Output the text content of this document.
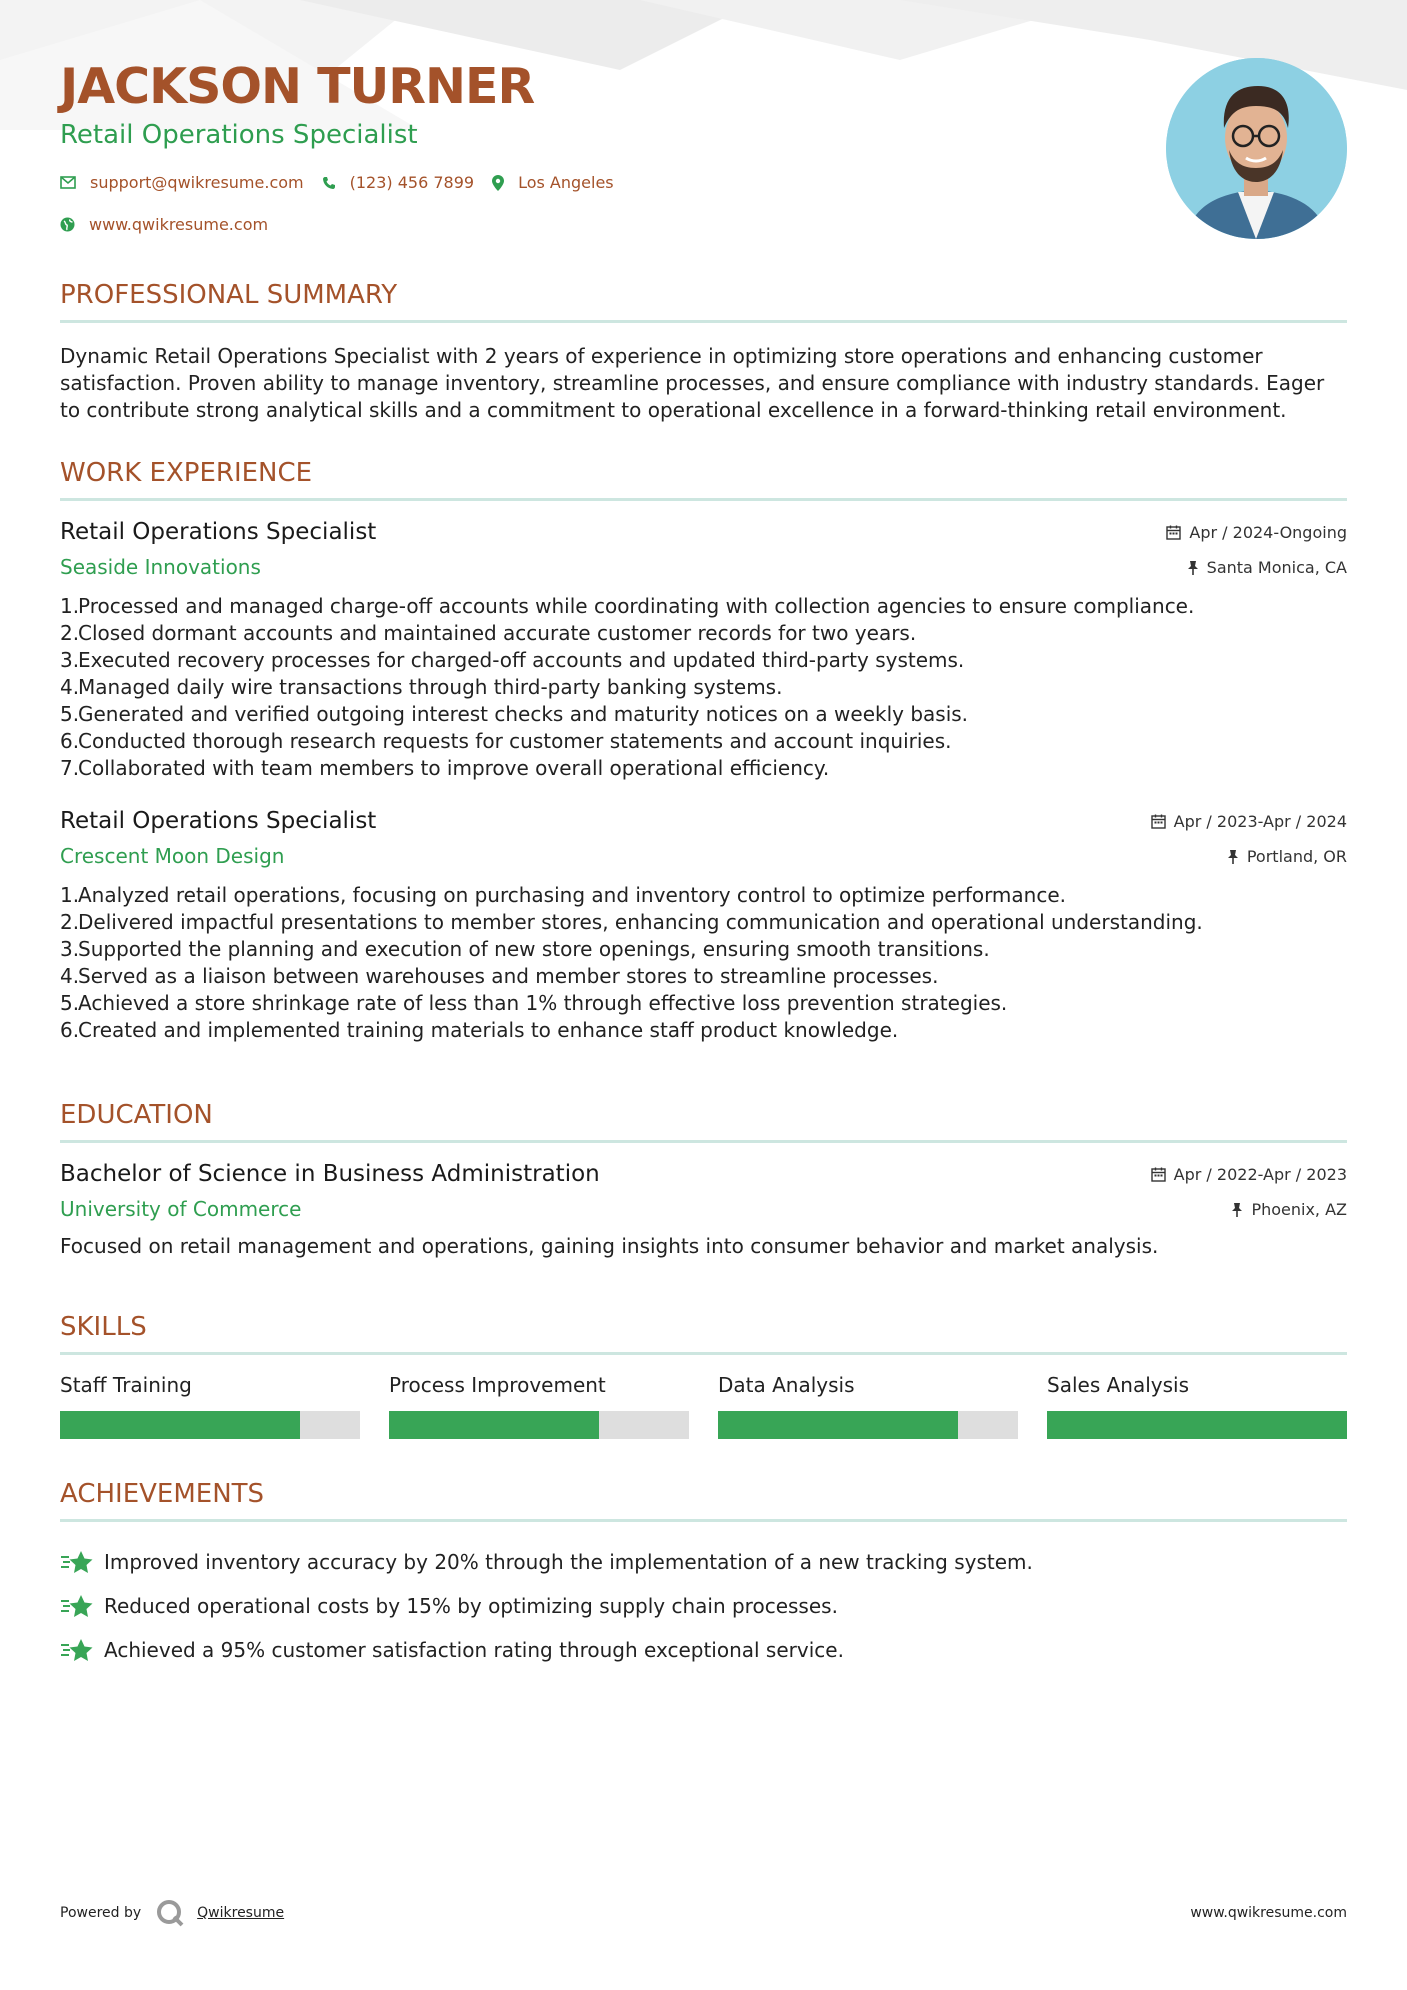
JACKSON TURNER
Retail Operations Specialist
support@qwikresume.com	(123) 456 7899	Los Angeles
www.qwikresume.com
PROFESSIONAL SUMMARY
Dynamic Retail Operations Specialist with 2 years of experience in optimizing store operations and enhancing customer satisfaction. Proven ability to manage inventory, streamline processes, and ensure compliance with industry standards. Eager to contribute strong analytical skills and a commitment to operational excellence in a forward-thinking retail environment.
WORK EXPERIENCE
Retail Operations Specialist	Apr / 2024-Ongoing
Seaside Innovations	Santa Monica, CA
1.
Processed and managed charge-off accounts while coordinating with collection agencies to ensure compliance.
2.
Closed dormant accounts and maintained accurate customer records for two years.
3.
Executed recovery processes for charged-off accounts and updated third-party systems.
4.
Managed daily wire transactions through third-party banking systems.
5.
Generated and verified outgoing interest checks and maturity notices on a weekly basis.
6.
Conducted thorough research requests for customer statements and account inquiries.
7.
Collaborated with team members to improve overall operational efficiency.
Retail Operations Specialist	Apr / 2023-Apr / 2024
Crescent Moon Design	Portland, OR
1.
Analyzed retail operations, focusing on purchasing and inventory control to optimize performance.
2.
Delivered impactful presentations to member stores, enhancing communication and operational understanding.
3.
Supported the planning and execution of new store openings, ensuring smooth transitions.
4.
Served as a liaison between warehouses and member stores to streamline processes.
5.
Achieved a store shrinkage rate of less than 1% through effective loss prevention strategies.
6.
Created and implemented training materials to enhance staff product knowledge.
EDUCATION
Bachelor of Science in Business Administration	Apr / 2022-Apr / 2023
University of Commerce	Phoenix, AZ
Focused on retail management and operations, gaining insights into consumer behavior and market analysis.
SKILLS
Staff Training	Process Improvement	Data Analysis	Sales Analysis
ACHIEVEMENTS
Improved inventory accuracy by 20% through the implementation of a new tracking system.
Reduced operational costs by 15% by optimizing supply chain processes.
Achieved a 95% customer satisfaction rating through exceptional service.
Powered by	Qwikresume	www.qwikresume.com
